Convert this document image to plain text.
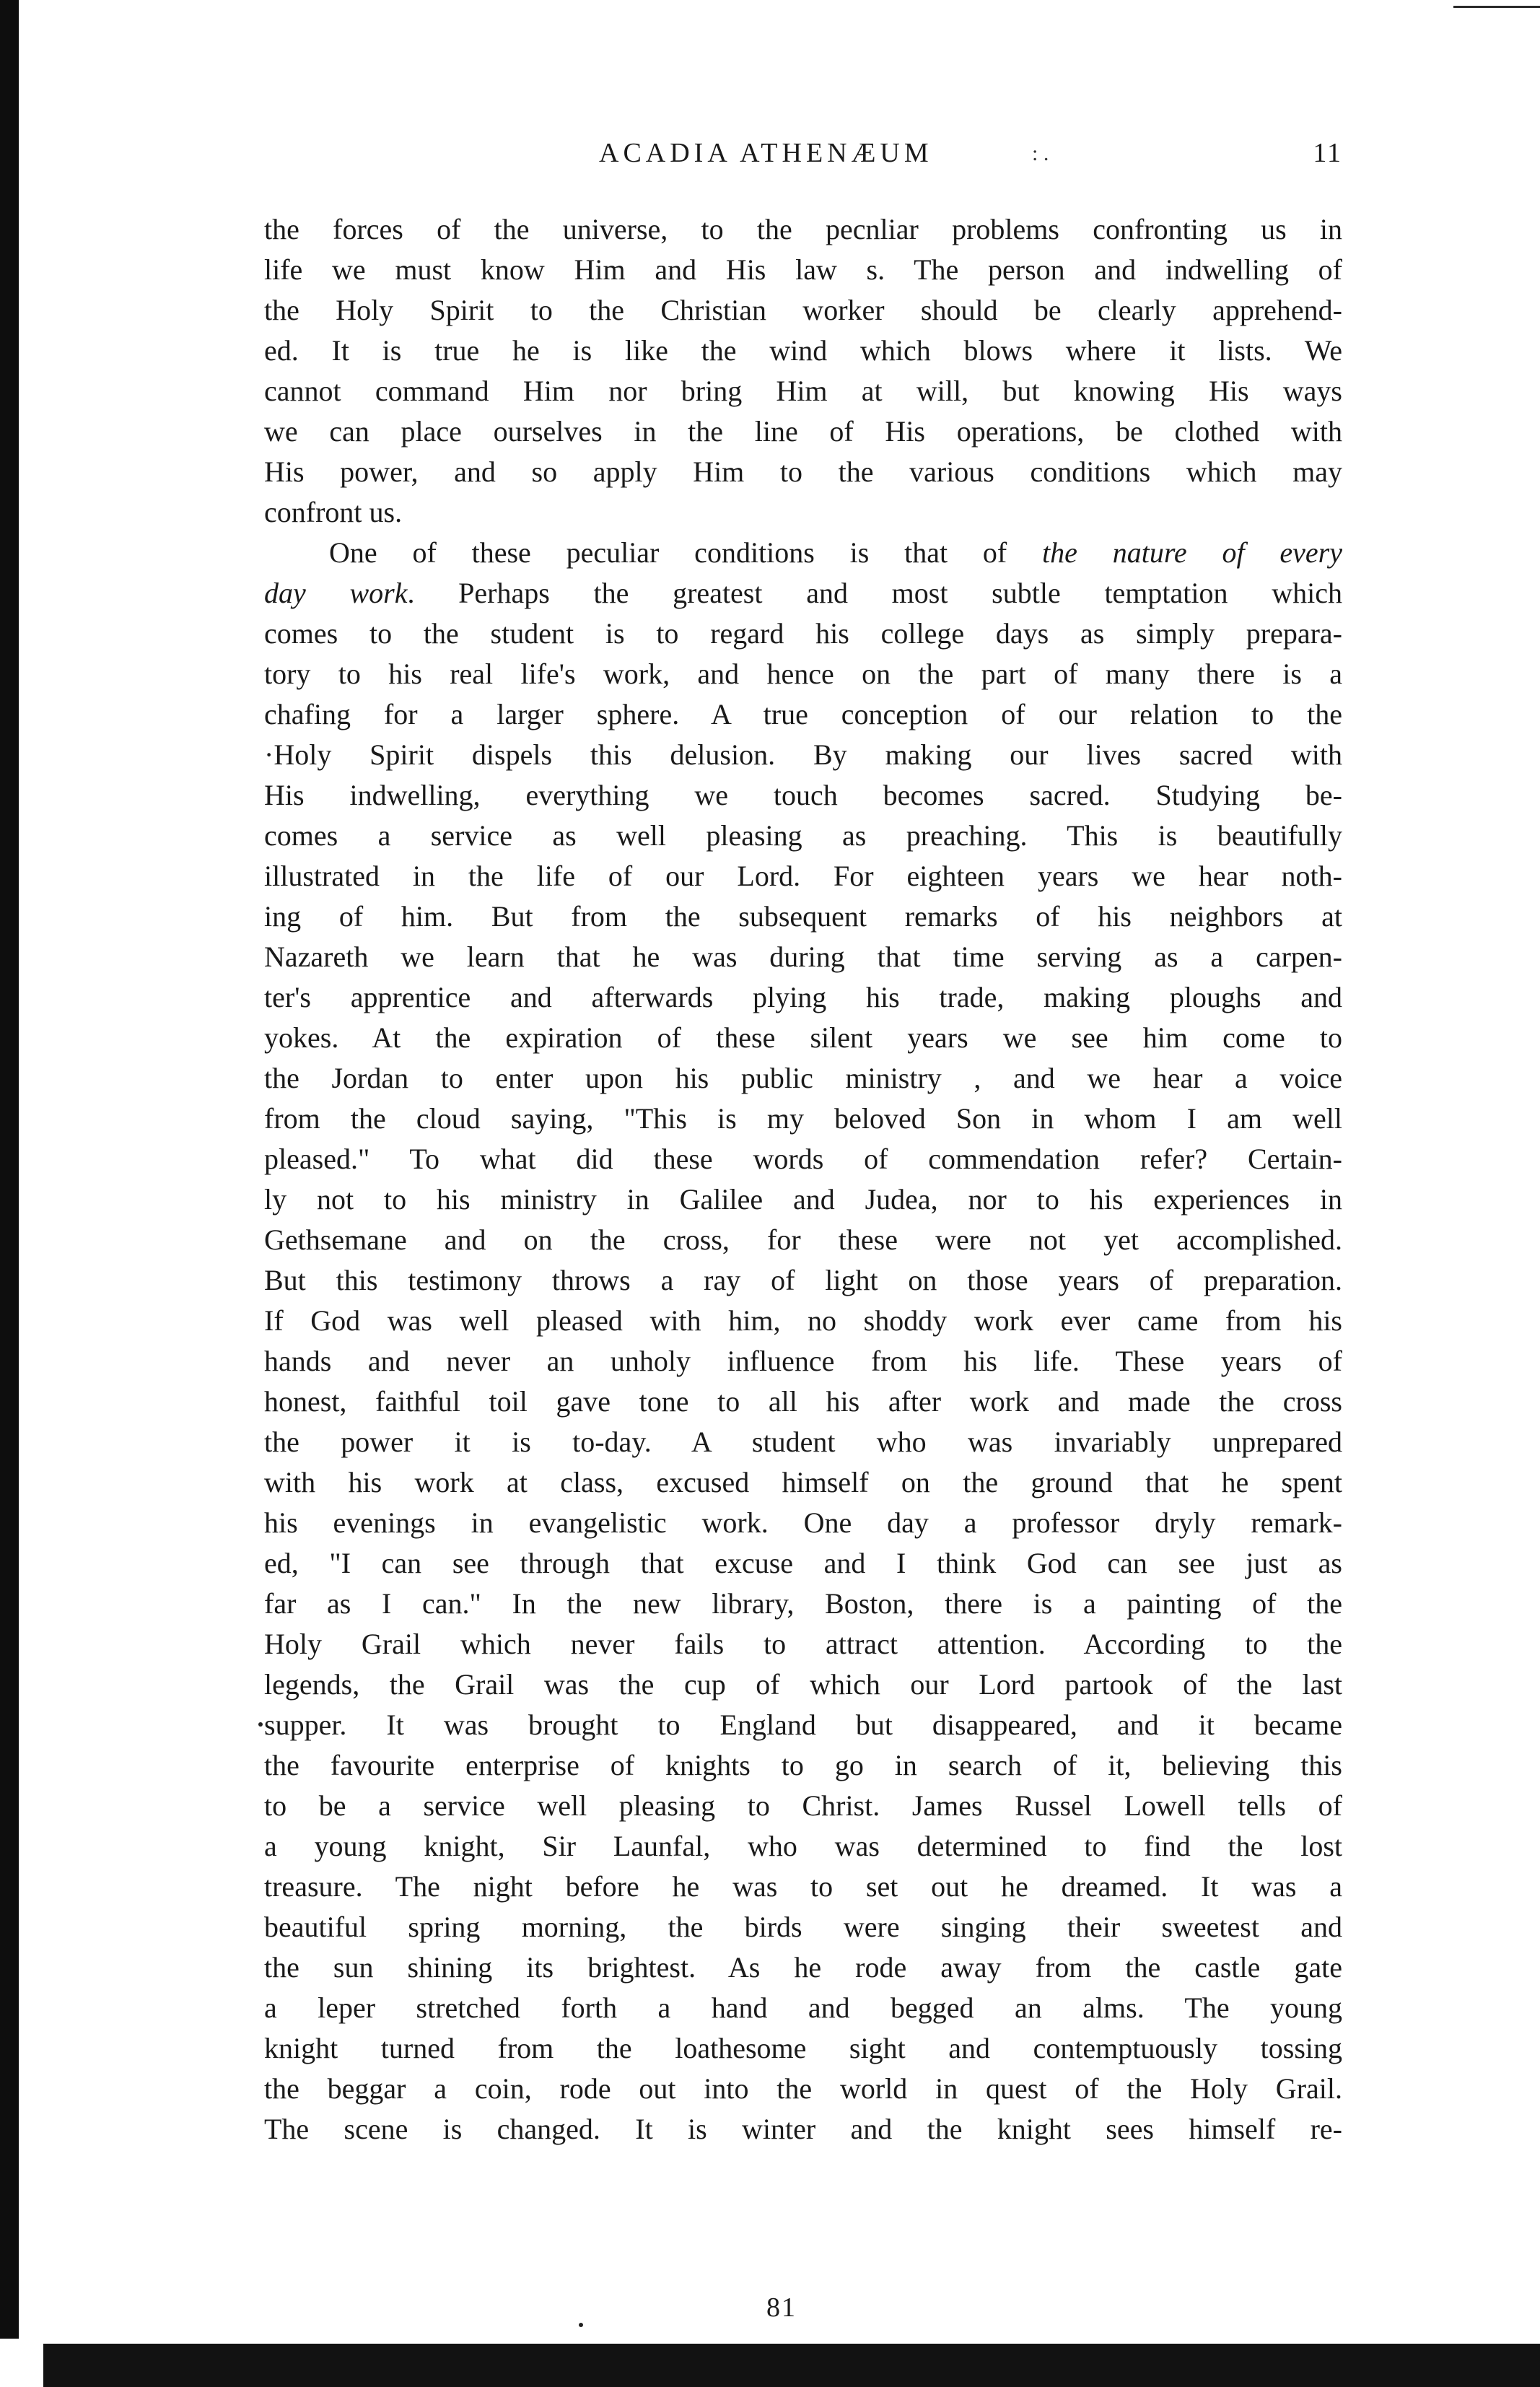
ACADIA ATHENÆUM	: .	11
the forces of the universe, to the pecnliar problems confronting us in
life we must know Him and His law s. The person and indwelling of
the Holy Spirit to the Christian worker should be clearly apprehend-
ed. It is true he is like the wind which blows where it lists. We
cannot command Him nor bring Him at will, but knowing His ways
we can place ourselves in the line of His operations, be clothed with
His power, and so apply Him to the various conditions which may
confront us.
One of these peculiar conditions is that of the nature of every
day work. Perhaps the greatest and most subtle temptation which
comes to the student is to regard his college days as simply prepara-
tory to his real life's work, and hence on the part of many there is a
chafing for a larger sphere. A true conception of our relation to the
·Holy Spirit dispels this delusion. By making our lives sacred with
His indwelling, everything we touch becomes sacred. Studying be-
comes a service as well pleasing as preaching. This is beautifully
illustrated in the life of our Lord. For eighteen years we hear noth-
ing of him. But from the subsequent remarks of his neighbors at
Nazareth we learn that he was during that time serving as a carpen-
ter's apprentice and afterwards plying his trade, making ploughs and
yokes. At the expiration of these silent years we see him come to
the Jordan to enter upon his public ministry , and we hear a voice
from the cloud saying, "This is my beloved Son in whom I am well
pleased." To what did these words of commendation refer? Certain-
ly not to his ministry in Galilee and Judea, nor to his experiences in
Gethsemane and on the cross, for these were not yet accomplished.
But this testimony throws a ray of light on those years of preparation.
If God was well pleased with him, no shoddy work ever came from his
hands and never an unholy influence from his life. These years of
honest, faithful toil gave tone to all his after work and made the cross
the power it is to-day. A student who was invariably unprepared
with his work at class, excused himself on the ground that he spent
his evenings in evangelistic work. One day a professor dryly remark-
ed, "I can see through that excuse and I think God can see just as
far as I can." In the new library, Boston, there is a painting of the
Holy Grail which never fails to attract attention. According to the
legends, the Grail was the cup of which our Lord partook of the last
supper. It was brought to England but disappeared, and it became
the favourite enterprise of knights to go in search of it, believing this
to be a service well pleasing to Christ. James Russel Lowell tells of
a young knight, Sir Launfal, who was determined to find the lost
treasure. The night before he was to set out he dreamed. It was a
beautiful spring morning, the birds were singing their sweetest and
the sun shining its brightest. As he rode away from the castle gate
a leper stretched forth a hand and begged an alms. The young
knight turned from the loathesome sight and contemptuously tossing
the beggar a coin, rode out into the world in quest of the Holy Grail.
The scene is changed. It is winter and the knight sees himself re-
81
